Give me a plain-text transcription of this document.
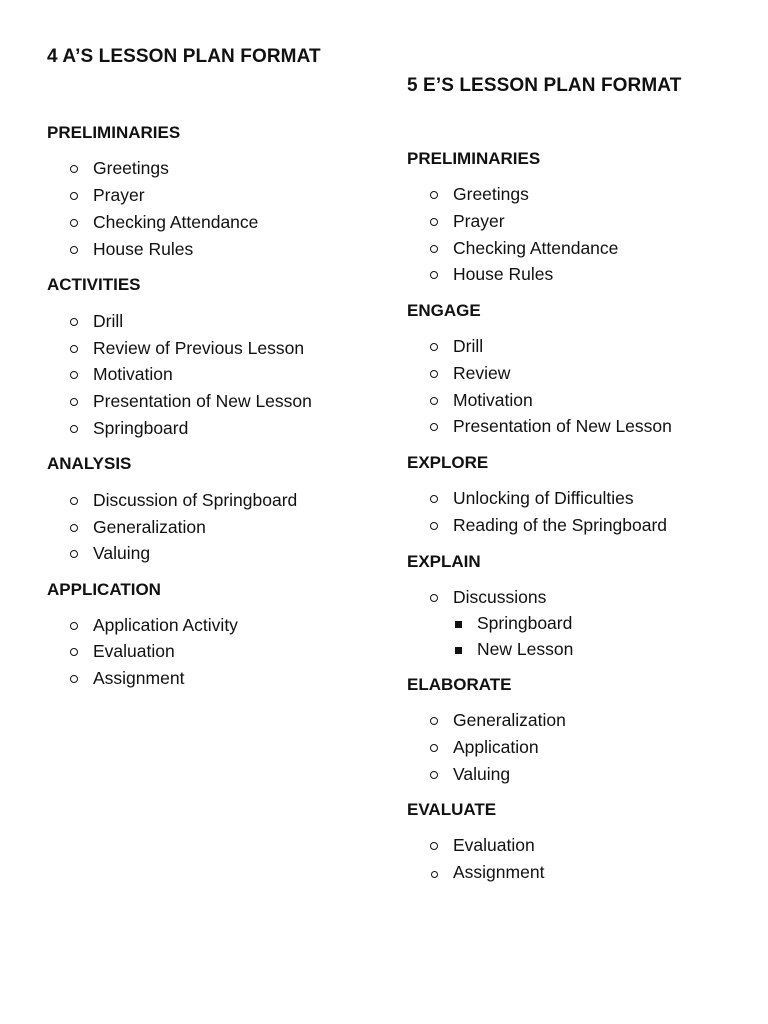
4 A’S LESSON PLAN FORMAT
PRELIMINARIES
Greetings
Prayer
Checking Attendance
House Rules
ACTIVITIES
Drill
Review of Previous Lesson
Motivation
Presentation of New Lesson
Springboard
ANALYSIS
Discussion of Springboard
Generalization
Valuing
APPLICATION
Application Activity
Evaluation
Assignment
5 E’S LESSON PLAN FORMAT
PRELIMINARIES
Greetings
Prayer
Checking Attendance
House Rules
ENGAGE
Drill
Review
Motivation
Presentation of New Lesson
EXPLORE
Unlocking of Difficulties
Reading of the Springboard
EXPLAIN
Discussions
Springboard
New Lesson
ELABORATE
Generalization
Application
Valuing
EVALUATE
Evaluation
Assignment
